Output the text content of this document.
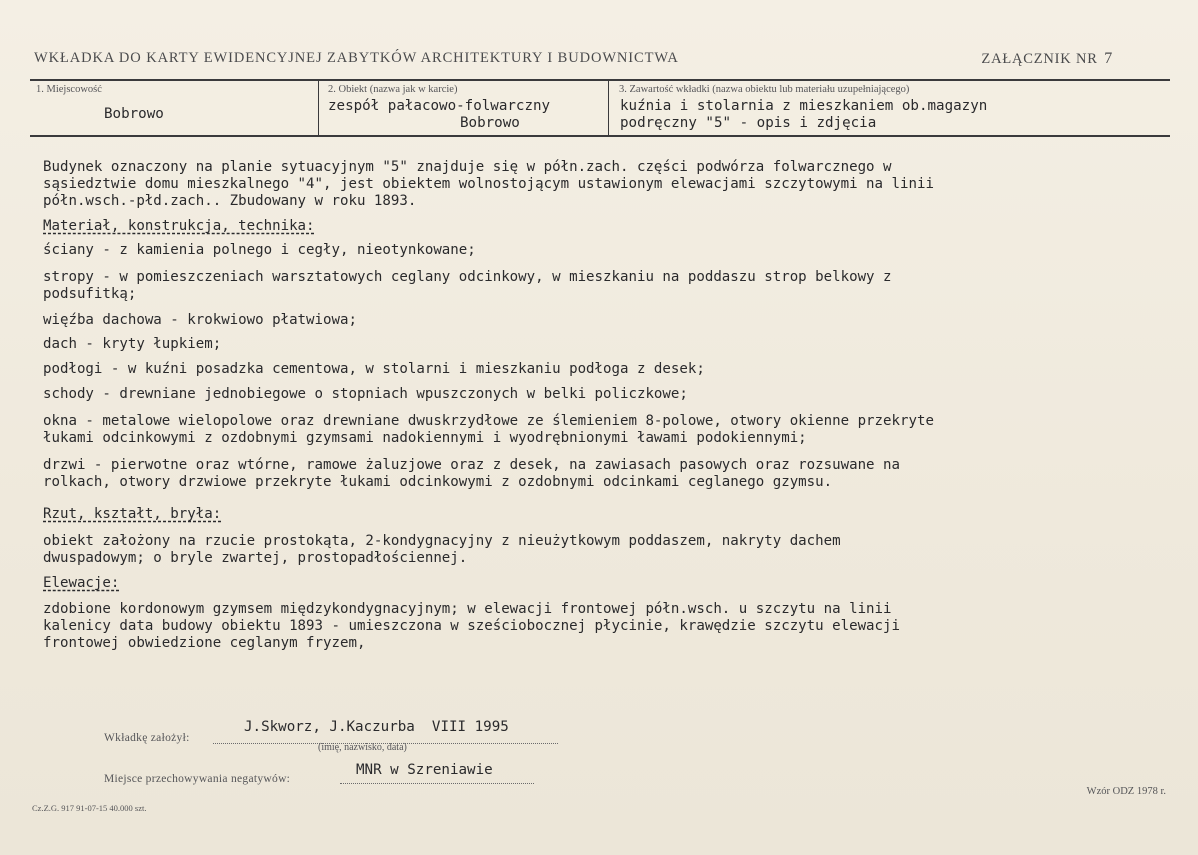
WKŁADKA DO KARTY EWIDENCYJNEJ ZABYTKÓW ARCHITEKTURY I BUDOWNICTWA	ZAŁĄCZNIK NR 7
1. Miejscowość
Bobrowo
2. Obiekt (nazwa jak w karcie)
zespół pałacowo-folwarczny
Bobrowo
3. Zawartość wkładki (nazwa obiektu lub materiału uzupełniającego)
kuźnia i stolarnia z mieszkaniem ob.magazyn
podręczny "5" - opis i zdjęcia
Budynek oznaczony na planie sytuacyjnym "5" znajduje się w półn.zach. części podwórza folwarcznego w
sąsiedztwie domu mieszkalnego "4", jest obiektem wolnostojącym ustawionym elewacjami szczytowymi na linii
półn.wsch.-płd.zach.. Zbudowany w roku 1893.
Materiał, konstrukcja, technika:
ściany - z kamienia polnego i cegły, nieotynkowane;
stropy - w pomieszczeniach warsztatowych ceglany odcinkowy, w mieszkaniu na poddaszu strop belkowy z
podsufitką;
więźba dachowa - krokwiowo płatwiowa;
dach - kryty łupkiem;
podłogi - w kuźni posadzka cementowa, w stolarni i mieszkaniu podłoga z desek;
schody - drewniane jednobiegowe o stopniach wpuszczonych w belki policzkowe;
okna - metalowe wielopolowe oraz drewniane dwuskrzydłowe ze ślemieniem 8-polowe, otwory okienne przekryte
łukami odcinkowymi z ozdobnymi gzymsami nadokiennymi i wyodrębnionymi ławami podokiennymi;
drzwi - pierwotne oraz wtórne, ramowe żaluzjowe oraz z desek, na zawiasach pasowych oraz rozsuwane na
rolkach, otwory drzwiowe przekryte łukami odcinkowymi z ozdobnymi odcinkami ceglanego gzymsu.
Rzut, kształt, bryła:
obiekt założony na rzucie prostokąta, 2-kondygnacyjny z nieużytkowym poddaszem, nakryty dachem
dwuspadowym; o bryle zwartej, prostopadłościennej.
Elewacje:
zdobione kordonowym gzymsem międzykondygnacyjnym; w elewacji frontowej półn.wsch. u szczytu na linii
kalenicy data budowy obiektu 1893 - umieszczona w sześciobocznej płycinie, krawędzie szczytu elewacji
frontowej obwiedzione ceglanym fryzem,
Wkładkę założył:
J.Skworz, J.Kaczurba  VIII 1995
(imię, nazwisko, data)
Miejsce przechowywania negatywów:
MNR w Szreniawie
Wzór ODZ 1978 r.
Cz.Z.G. 917 91-07-15 40.000 szt.
